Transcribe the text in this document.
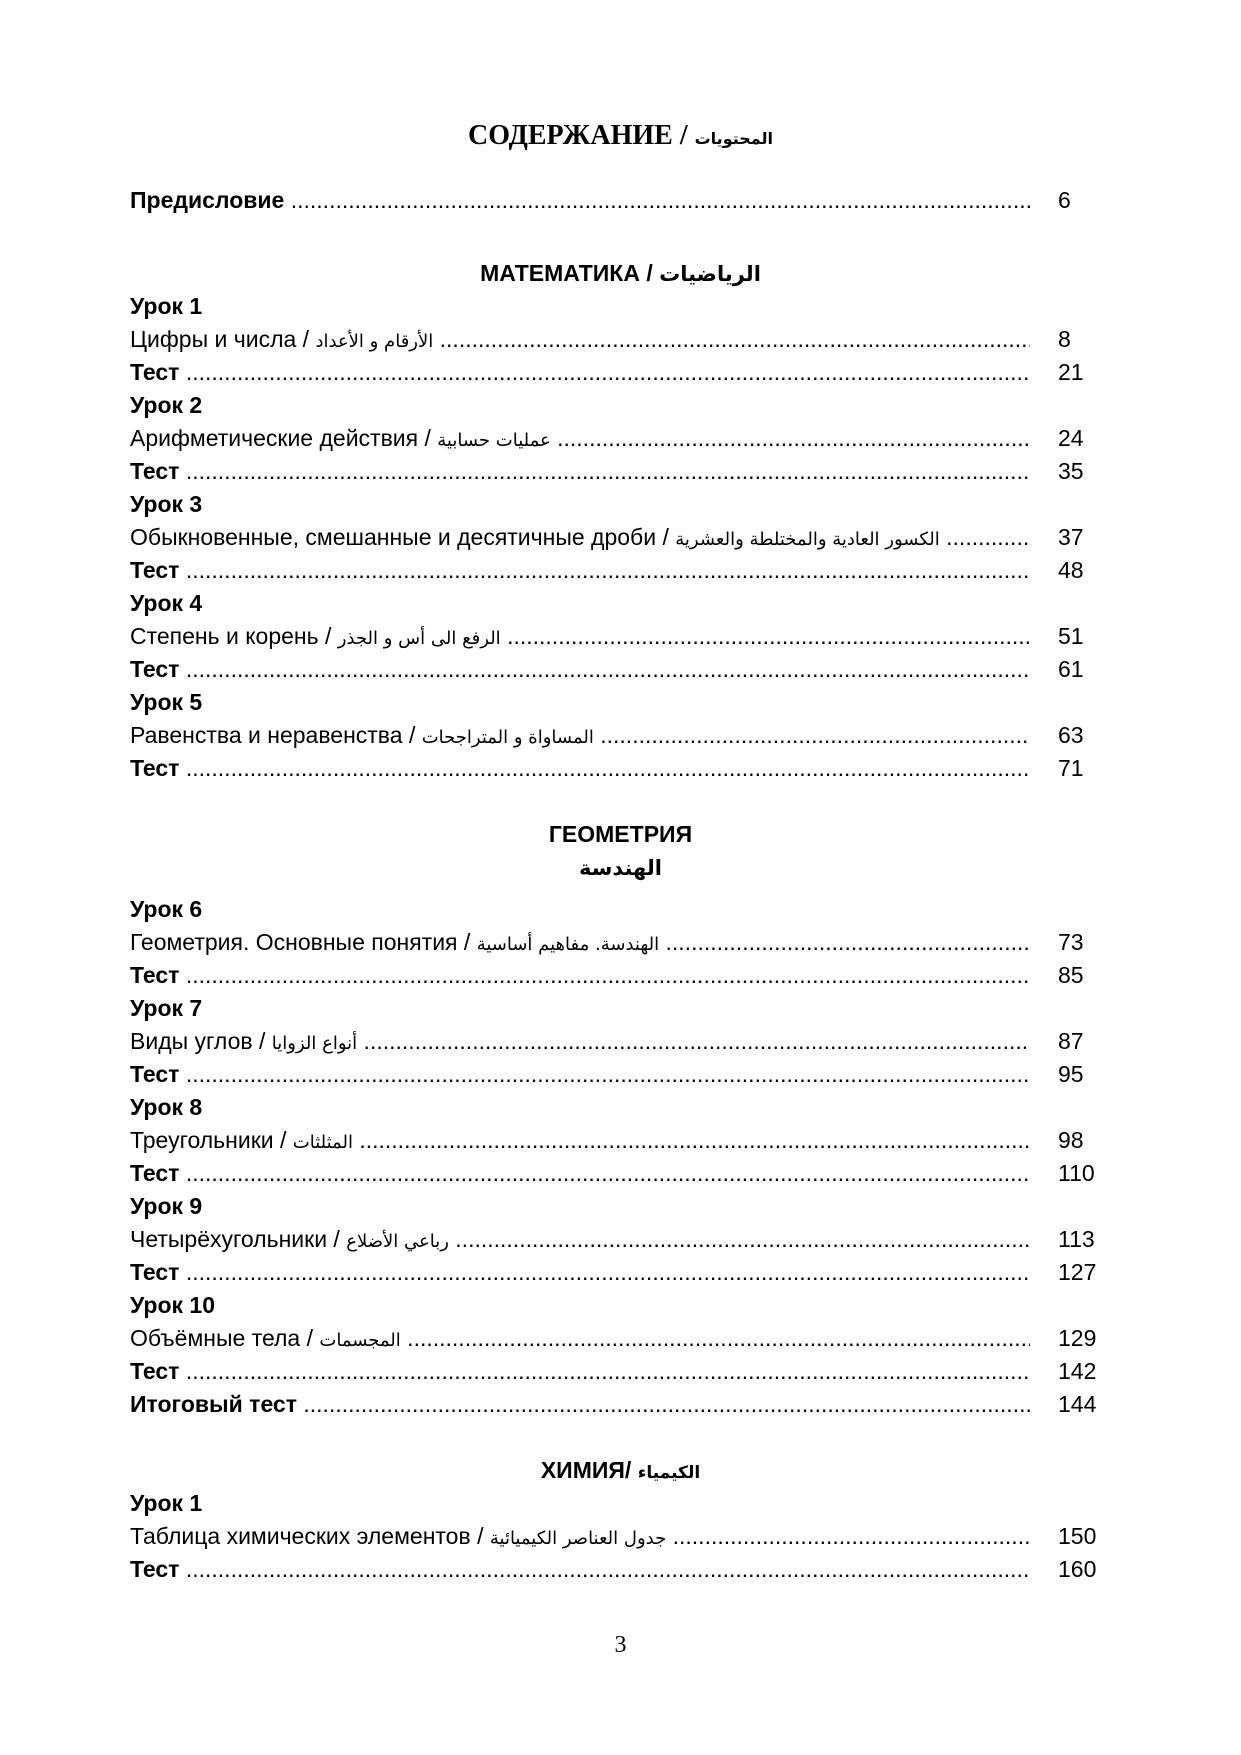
СОДЕРЖАНИЕ / المحتويات
Предисловие .....	6
МАТЕМАТИКА / الرياضيات
Урок 1
Цифры и числа / الأرقام و الأعداد .....	8
Тест .....	21
Урок 2
Арифметические действия / عمليات حسابية .....	24
Тест .....	35
Урок 3
Обыкновенные, смешанные и десятичные дроби / الكسور العادية والمختلطة والعشرية .....	37
Тест .....	48
Урок 4
Степень и корень / الرفع الى أس و الجذر .....	51
Тест .....	61
Урок 5
Равенства и неравенства / المساواة و المتراجحات .....	63
Тест .....	71
ГЕОМЕТРИЯ
الهندسة
Урок 6
Геометрия. Основные понятия / الهندسة. مفاهيم أساسية .....	73
Тест .....	85
Урок 7
Виды углов / أنواع الزوايا .....	87
Тест .....	95
Урок 8
Треугольники / المثلثات .....	98
Тест .....	110
Урок 9
Четырёхугольники / رباعي الأضلاع .....	113
Тест .....	127
Урок 10
Объёмные тела / المجسمات .....	129
Тест .....	142
Итоговый тест .....	144
ХИМИЯ/ الكيمياء
Урок 1
Таблица химических элементов / جدول العناصر الكيميائية .....	150
Тест .....	160
3
